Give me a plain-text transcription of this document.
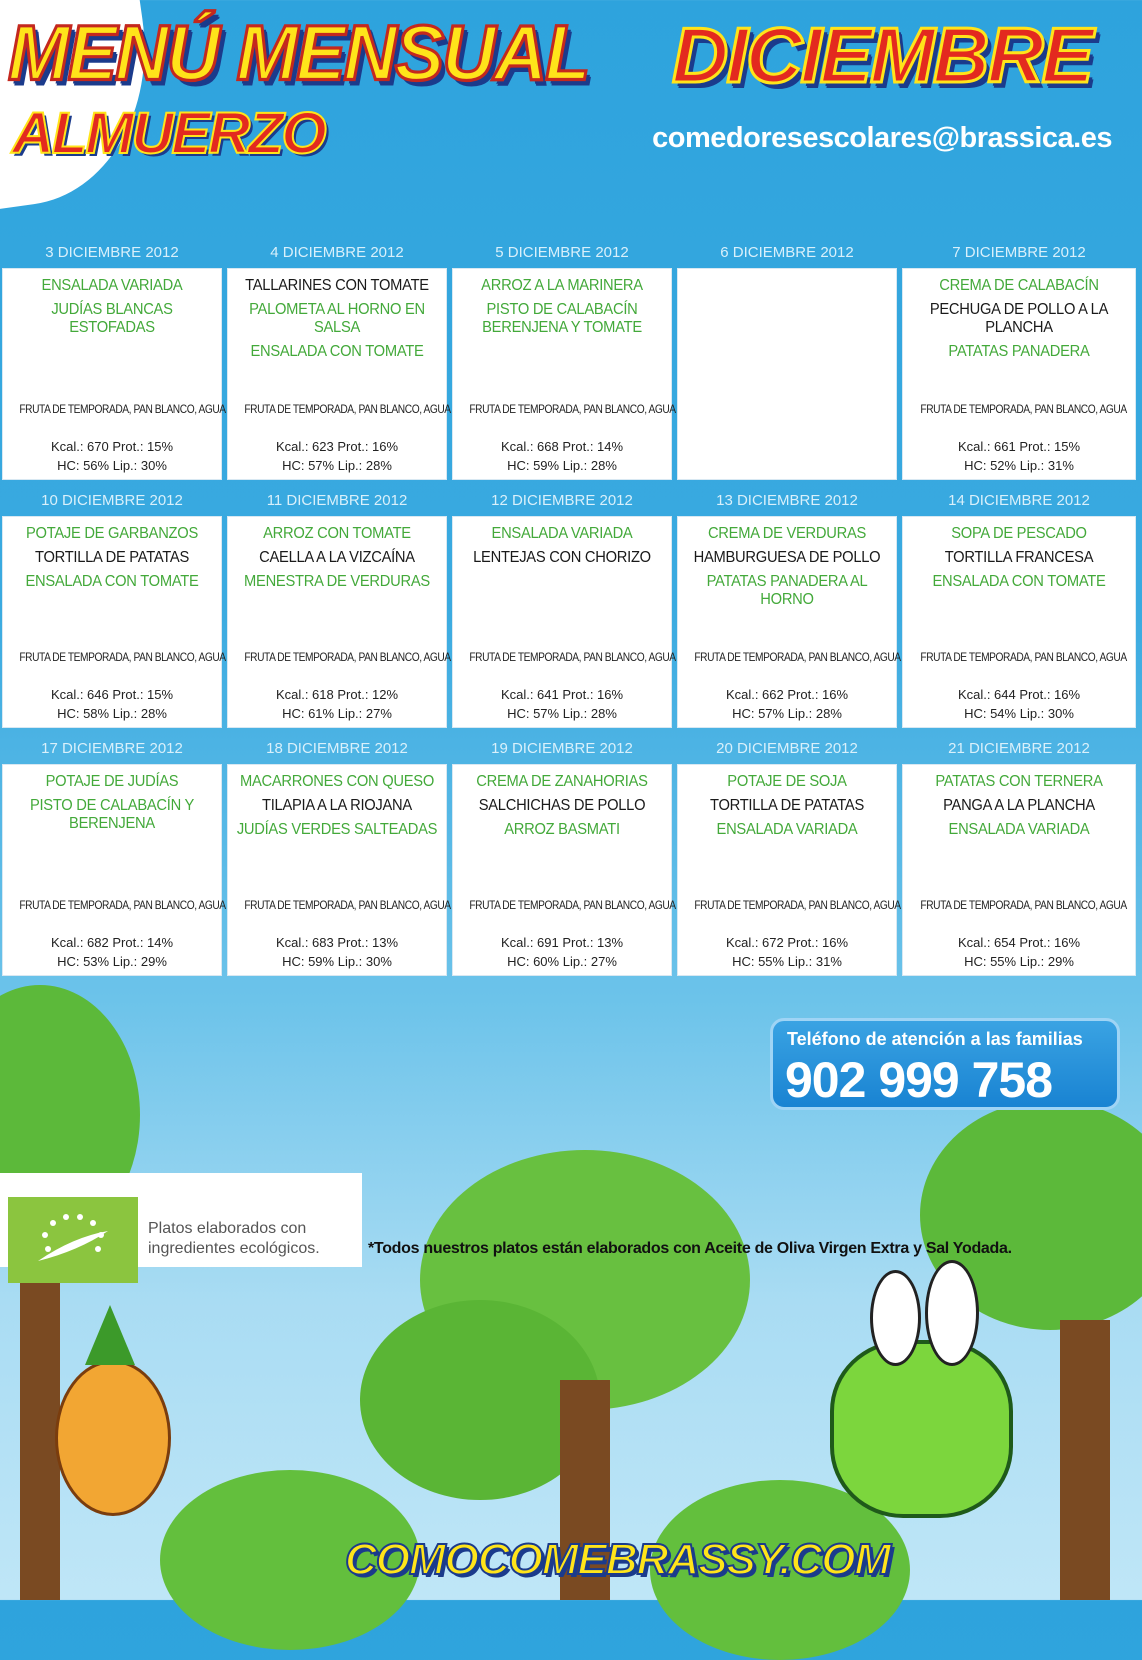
MENÚ MENSUAL DICIEMBRE
ALMUERZO	comedoresescolares@brassica.es
3 DICIEMBRE 2012
ENSALADA VARIADA
JUDÍAS BLANCAS ESTOFADAS
FRUTA DE TEMPORADA, PAN BLANCO, AGUA
Kcal.: 670 Prot.: 15%
HC: 56% Lip.: 30%
4 DICIEMBRE 2012
TALLARINES CON TOMATE
PALOMETA AL HORNO EN SALSA
ENSALADA CON TOMATE
FRUTA DE TEMPORADA, PAN BLANCO, AGUA
Kcal.: 623 Prot.: 16%
HC: 57% Lip.: 28%
5 DICIEMBRE 2012
ARROZ A LA MARINERA
PISTO DE CALABACÍN BERENJENA Y TOMATE
FRUTA DE TEMPORADA, PAN BLANCO, AGUA
Kcal.: 668 Prot.: 14%
HC: 59% Lip.: 28%
6 DICIEMBRE 2012	7 DICIEMBRE 2012
CREMA DE CALABACÍN
PECHUGA DE POLLO A LA PLANCHA
PATATAS PANADERA
FRUTA DE TEMPORADA, PAN BLANCO, AGUA
Kcal.: 661 Prot.: 15%
HC: 52% Lip.: 31%
10 DICIEMBRE 2012
POTAJE DE GARBANZOS
TORTILLA DE PATATAS
ENSALADA CON TOMATE
FRUTA DE TEMPORADA, PAN BLANCO, AGUA
Kcal.: 646 Prot.: 15%
HC: 58% Lip.: 28%
11 DICIEMBRE 2012
ARROZ CON TOMATE
CAELLA A LA VIZCAÍNA
MENESTRA DE VERDURAS
FRUTA DE TEMPORADA, PAN BLANCO, AGUA
Kcal.: 618 Prot.: 12%
HC: 61% Lip.: 27%
12 DICIEMBRE 2012
ENSALADA VARIADA
LENTEJAS CON CHORIZO
FRUTA DE TEMPORADA, PAN BLANCO, AGUA
Kcal.: 641 Prot.: 16%
HC: 57% Lip.: 28%
13 DICIEMBRE 2012
CREMA DE VERDURAS
HAMBURGUESA DE POLLO
PATATAS PANADERA AL HORNO
FRUTA DE TEMPORADA, PAN BLANCO, AGUA
Kcal.: 662 Prot.: 16%
HC: 57% Lip.: 28%
14 DICIEMBRE 2012
SOPA DE PESCADO
TORTILLA FRANCESA
ENSALADA CON TOMATE
FRUTA DE TEMPORADA, PAN BLANCO, AGUA
Kcal.: 644 Prot.: 16%
HC: 54% Lip.: 30%
17 DICIEMBRE 2012
POTAJE DE JUDÍAS
PISTO DE CALABACÍN Y BERENJENA
FRUTA DE TEMPORADA, PAN BLANCO, AGUA
Kcal.: 682 Prot.: 14%
HC: 53% Lip.: 29%
18 DICIEMBRE 2012
MACARRONES CON QUESO
TILAPIA A LA RIOJANA
JUDÍAS VERDES SALTEADAS
FRUTA DE TEMPORADA, PAN BLANCO, AGUA
Kcal.: 683 Prot.: 13%
HC: 59% Lip.: 30%
19 DICIEMBRE 2012
CREMA DE ZANAHORIAS
SALCHICHAS DE POLLO
ARROZ BASMATI
FRUTA DE TEMPORADA, PAN BLANCO, AGUA
Kcal.: 691 Prot.: 13%
HC: 60% Lip.: 27%
20 DICIEMBRE 2012
POTAJE DE SOJA
TORTILLA DE PATATAS
ENSALADA VARIADA
FRUTA DE TEMPORADA, PAN BLANCO, AGUA
Kcal.: 672 Prot.: 16%
HC: 55% Lip.: 31%
21 DICIEMBRE 2012
PATATAS CON TERNERA
PANGA A LA PLANCHA
ENSALADA VARIADA
FRUTA DE TEMPORADA, PAN BLANCO, AGUA
Kcal.: 654 Prot.: 16%
HC: 55% Lip.: 29%
Teléfono de atención a las familias
902 999 758
Platos elaborados con
ingredientes ecológicos.	*Todos nuestros platos están elaborados con Aceite de Oliva Virgen Extra y Sal Yodada.
COMOCOMEBRASSY.COM
